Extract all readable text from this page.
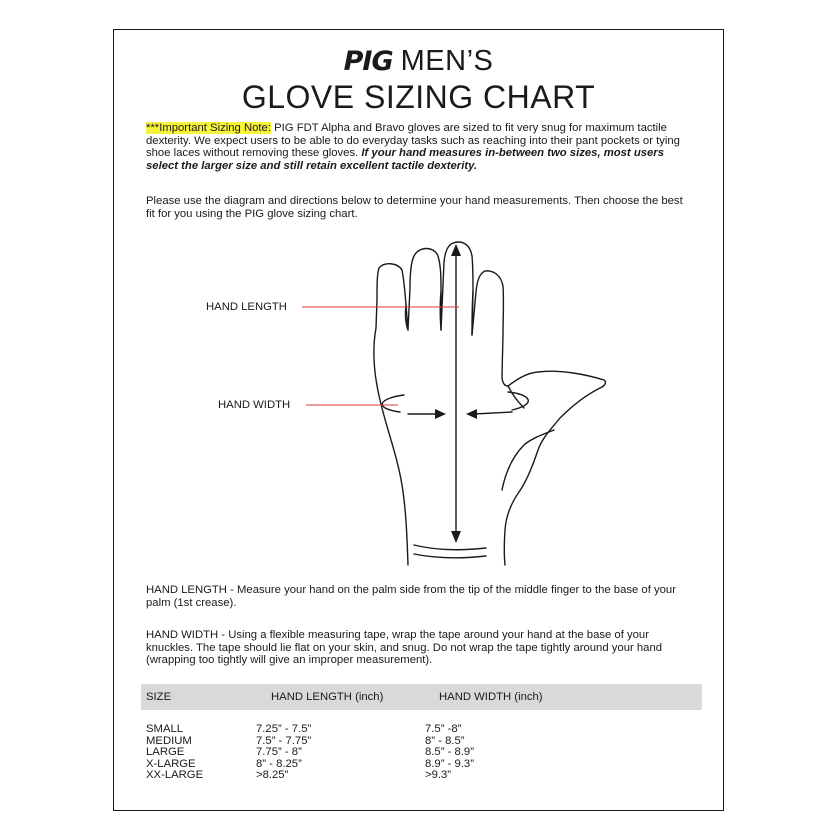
PIG MEN’S
GLOVE SIZING CHART
***Important Sizing Note: PIG FDT Alpha and Bravo gloves are sized to fit very snug for maximum tactile dexterity. We expect users to be able to do everyday tasks such as reaching into their pant pockets or tying shoe laces without removing these gloves. If your hand measures in-between two sizes, most users select the larger size and still retain excellent tactile dexterity.
Please use the diagram and directions below to determine your hand measurements. Then choose the best fit for you using the PIG glove sizing chart.
HAND LENGTH
HAND WIDTH
HAND LENGTH - Measure your hand on the palm side from the tip of the middle finger to the base of your palm (1st crease).
HAND WIDTH - Using a flexible measuring tape, wrap the tape around your hand at the base of your knuckles. The tape should lie flat on your skin, and snug. Do not wrap the tape tightly around your hand (wrapping too tightly will give an improper measurement).
SIZE	HAND LENGTH (inch)	HAND WIDTH (inch)
SMALL	7.25” - 7.5”	7.5” -8”
MEDIUM	7.5” - 7.75”	8” - 8.5”
LARGE	7.75” - 8”	8.5” - 8.9”
X-LARGE	8” - 8.25”	8.9” - 9.3”
XX-LARGE	>8.25”	>9.3”
